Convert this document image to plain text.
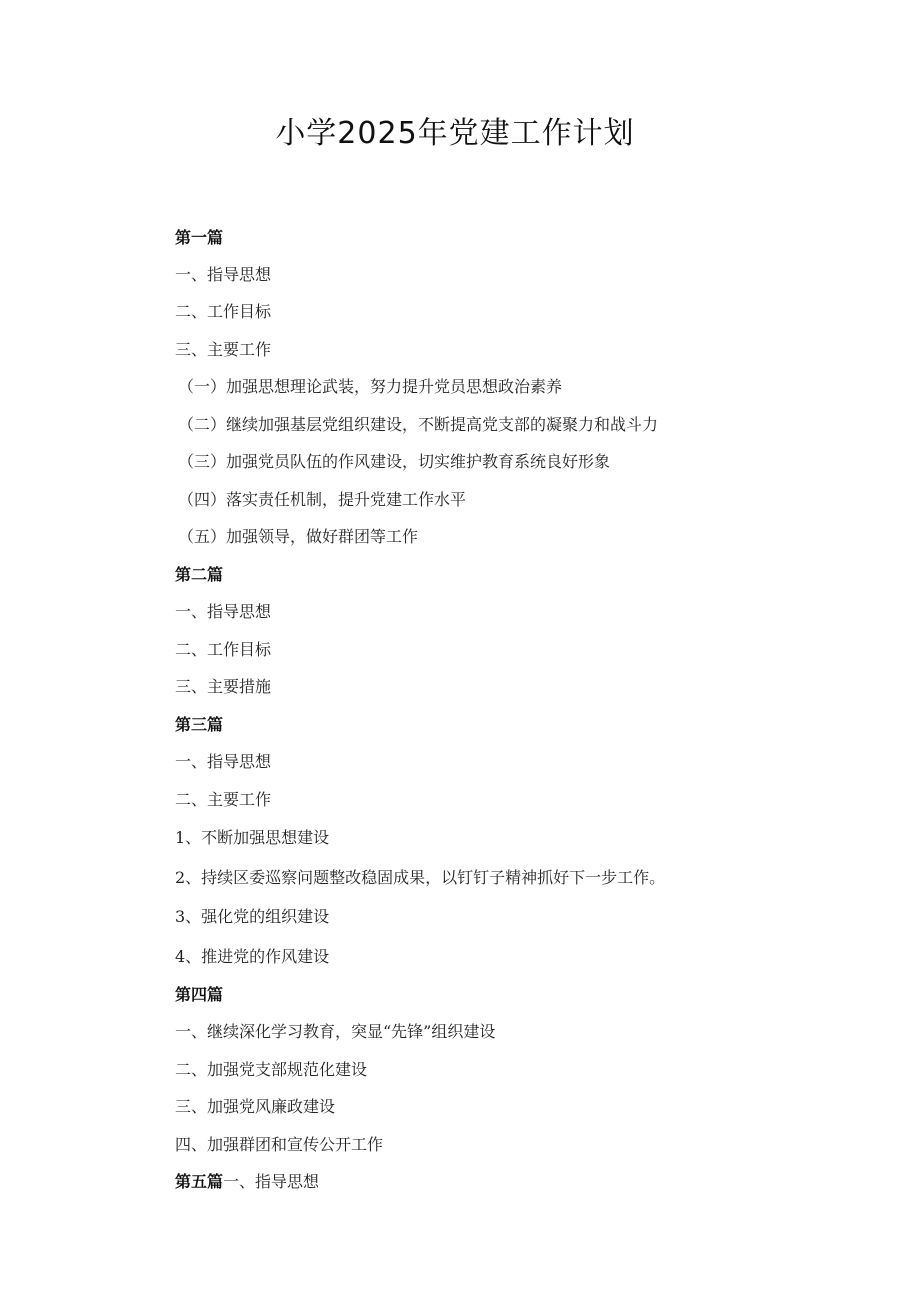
小学2025年党建工作计划
第一篇
一、指导思想
二、工作目标
三、主要工作
（一）加强思想理论武装，努力提升党员思想政治素养
（二）继续加强基层党组织建设，不断提高党支部的凝聚力和战斗力
（三）加强党员队伍的作风建设，切实维护教育系统良好形象
（四）落实责任机制，提升党建工作水平
（五）加强领导，做好群团等工作
第二篇
一、指导思想
二、工作目标
三、主要措施
第三篇
一、指导思想
二、主要工作
1、不断加强思想建设
2、持续区委巡察问题整改稳固成果，以钉钉子精神抓好下一步工作。
3、强化党的组织建设
4、推进党的作风建设
第四篇
一、继续深化学习教育，突显“先锋”组织建设
二、加强党支部规范化建设
三、加强党风廉政建设
四、加强群团和宣传公开工作
第五篇一、指导思想
